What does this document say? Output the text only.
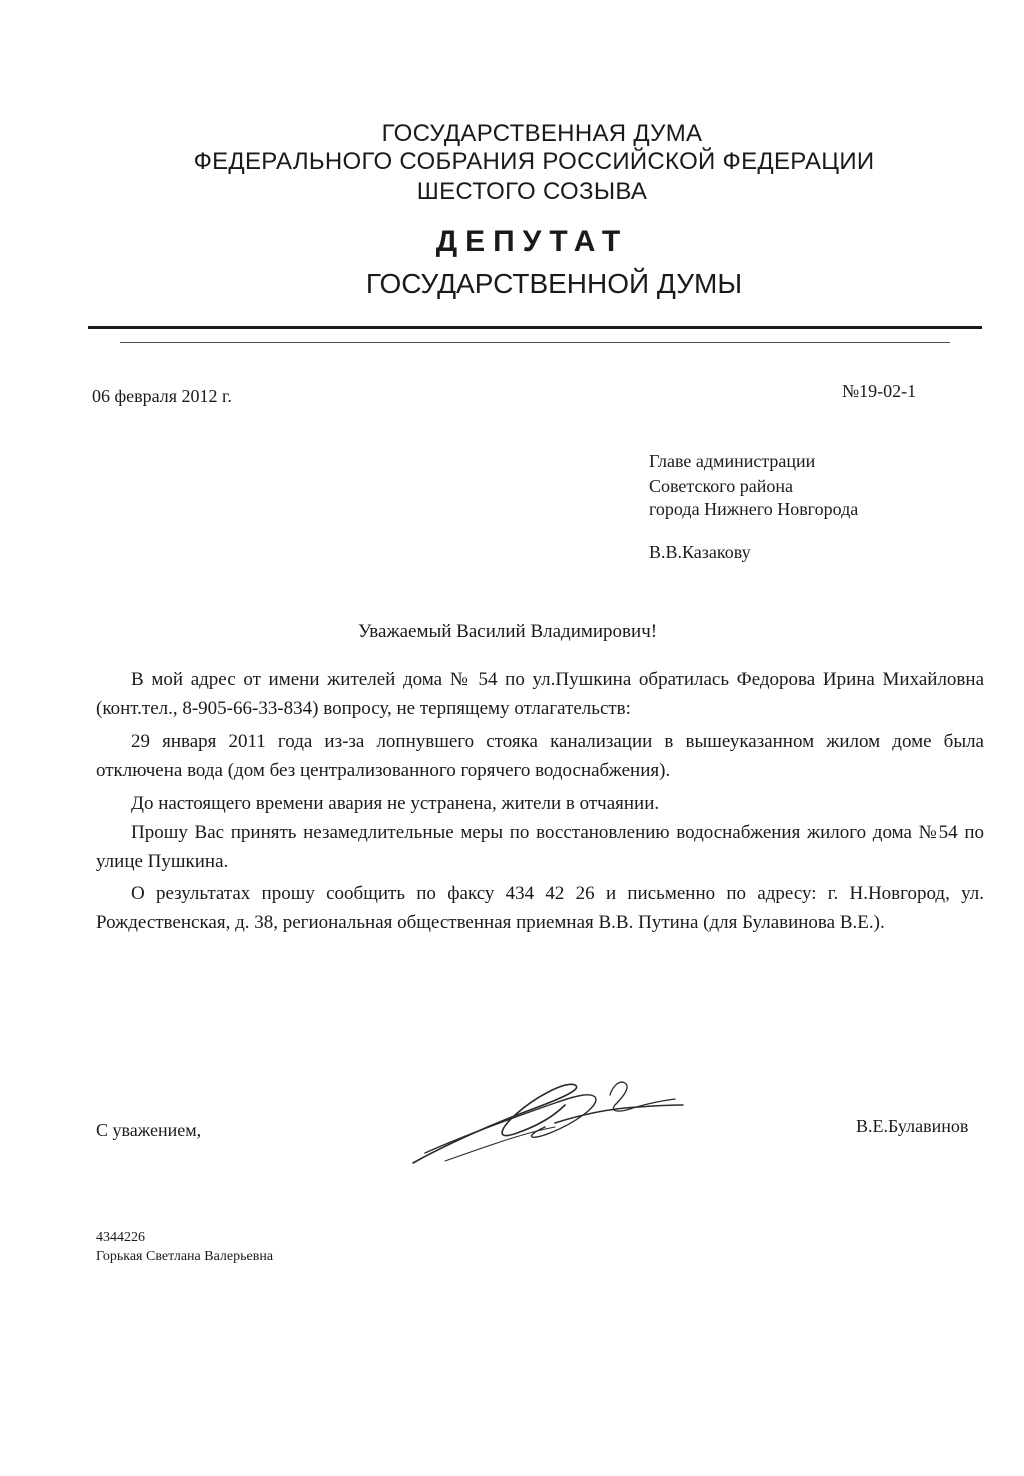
ГОСУДАРСТВЕННАЯ ДУМА
ФЕДЕРАЛЬНОГО СОБРАНИЯ РОССИЙСКОЙ ФЕДЕРАЦИИ
ШЕСТОГО СОЗЫВА
ДЕПУТАТ
ГОСУДАРСТВЕННОЙ ДУМЫ
06 февраля 2012 г.	№19-02-1
Главе администрации
Советского района
города Нижнего Новгорода
В.В.Казакову
Уважаемый Василий Владимирович!

В мой адрес от имени жителей дома № 54 по ул.Пушкина обратилась Федорова Ирина Михайловна (конт.тел., 8-905-66-33-834) вопросу, не терпящему отлагательств:

29 января 2011 года из-за лопнувшего стояка канализации в вышеуказанном жилом доме была отключена вода (дом без централизованного горячего водоснабжения).

До настоящего времени авария не устранена, жители в отчаянии.

Прошу Вас принять незамедлительные меры по восстановлению водоснабжения жилого дома №54 по улице Пушкина.

О результатах прошу сообщить по факсу 434 42 26 и письменно по адресу: г. Н.Новгород, ул. Рождественская, д. 38, региональная общественная приемная В.В. Путина (для Булавинова В.Е.).

С уважением,	В.Е.Булавинов
4344226
Горькая Светлана Валерьевна
